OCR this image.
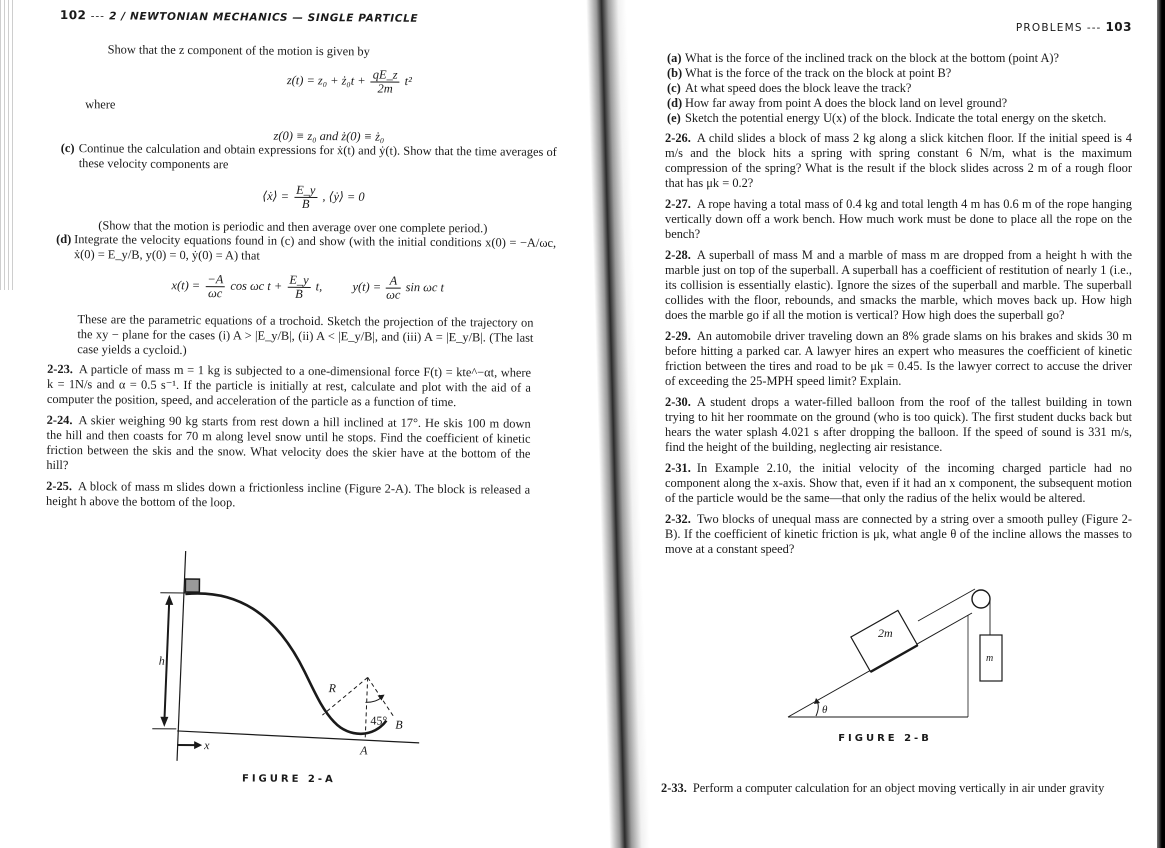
102 --- 2 / NEWTONIAN MECHANICS — SINGLE PARTICLE

Show that the z component of the motion is given by

z(t) = z₀ + ż₀t + $\frac{qE\_z}{2m} t^2$

where

z(0) ≡ z₀ and ż(0) ≡ ż₀

(c) Continue the calculation and obtain expressions for ẋ(t) and ẏ(t). Show that the time averages of these velocity components are

⟨ẋ⟩ = $\frac{E\_y}{B}$ , ⟨ẏ⟩ = 0

(Show that the motion is periodic and then average over one complete period.)

(d) Integrate the velocity equations found in (c) and show (with the initial conditions x(0) = −A/ωc, ẋ(0) = E_y/B, y(0) = 0, ẏ(0) = A) that

$x(t) = \frac{-A}{\omega c}$ cos ωc $t + \frac{E\_y}{B} t$, $y(t) = \frac{A}{\omega c}$ sin ωc t

These are the parametric equations of a trochoid. Sketch the projection of the trajectory on the xy − plane for the cases (i) A > |E_y/B|, (ii) A < |E_y/B|, and (iii) A = |E_y/B|. (The last case yields a cycloid.)

2-23. A particle of mass m = 1 kg is subjected to a one-dimensional force F(t) = kte^−αt, where k = 1N/s and α = 0.5 s⁻¹. If the particle is initially at rest, calculate and plot with the aid of a computer the position, speed, and acceleration of the particle as a function of time.

2-24. A skier weighing 90 kg starts from rest down a hill inclined at 17°. He skis 100 m down the hill and then coasts for 70 m along level snow until he stops. Find the coefficient of kinetic friction between the skis and the snow. What velocity does the skier have at the bottom of the hill?

2-25. A block of mass m slides down a frictionless incline (Figure 2-A). The block is released a height h above the bottom of the loop.

h
R
45° B
A
x
FIGURE 2-A
PROBLEMS --- 103

(a) What is the force of the inclined track on the block at the bottom (point A)?

(b) What is the force of the track on the block at point B?

(c) At what speed does the block leave the track?

(d) How far away from point A does the block land on level ground?

(e) Sketch the potential energy U(x) of the block. Indicate the total energy on the sketch.

2-26. A child slides a block of mass 2 kg along a slick kitchen floor. If the initial speed is 4 m/s and the block hits a spring with spring constant 6 N/m, what is the maximum compression of the spring? What is the result if the block slides across 2 m of a rough floor that has μk = 0.2?

2-27. A rope having a total mass of 0.4 kg and total length 4 m has 0.6 m of the rope hanging vertically down off a work bench. How much work must be done to place all the rope on the bench?

2-28. A superball of mass M and a marble of mass m are dropped from a height h with the marble just on top of the superball. A superball has a coefficient of restitution of nearly 1 (i.e., its collision is essentially elastic). Ignore the sizes of the superball and marble. The superball collides with the floor, rebounds, and smacks the marble, which moves back up. How high does the marble go if all the motion is vertical? How high does the superball go?

2-29. An automobile driver traveling down an 8% grade slams on his brakes and skids 30 m before hitting a parked car. A lawyer hires an expert who measures the coefficient of kinetic friction between the tires and road to be μk = 0.45. Is the lawyer correct to accuse the driver of exceeding the 25-MPH speed limit? Explain.

2-30. A student drops a water-filled balloon from the roof of the tallest building in town trying to hit her roommate on the ground (who is too quick). The first student ducks back but hears the water splash 4.021 s after dropping the balloon. If the speed of sound is 331 m/s, find the height of the building, neglecting air resistance.

2-31. In Example 2.10, the initial velocity of the incoming charged particle had no component along the x-axis. Show that, even if it had an x component, the subsequent motion of the particle would be the same—that only the radius of the helix would be altered.

2-32. Two blocks of unequal mass are connected by a string over a smooth pulley (Figure 2-B). If the coefficient of kinetic friction is μk, what angle θ of the incline allows the masses to move at a constant speed?

2m
m
θ
FIGURE 2-B

2-33. Perform a computer calculation for an object moving vertically in air under gravity
